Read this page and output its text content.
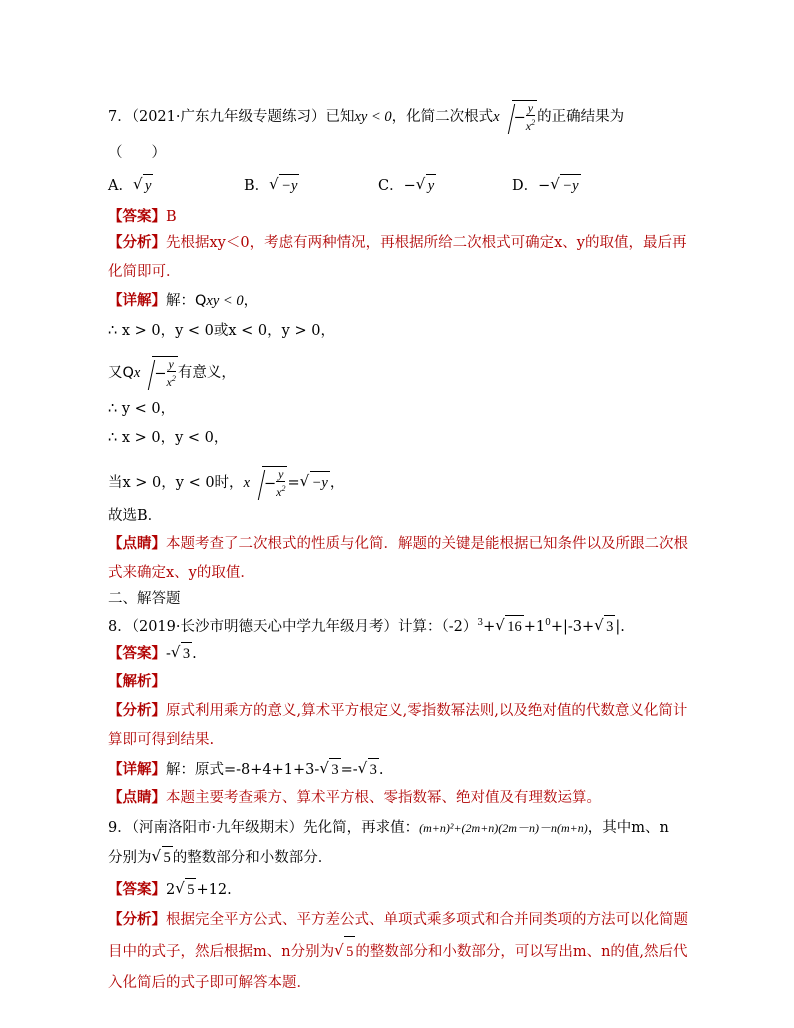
7．（2021·广东九年级专题练习）已知xy < 0，化简二次根式$x - \frac{y}{x^2}$ 的正确结果为
（　　）
A．√ y	B．√ −y	C．−√ y	D．−√ −y
【答案】B
【分析】先根据xy＜0，考虑有两种情况，再根据所给二次根式可确定x、y的取值，最后再化简即可．
【详解】解：Qxy < 0，
∴ x > 0，y < 0或x < 0，y > 0，
又$Qx - \frac{y}{x^2}$ 有意义，
∴ y < 0，
∴ x > 0，y < 0，
当x > 0，y < 0时，$x - \frac{y}{x^2}$ =√ −y ，
故选B．
【点睛】本题考查了二次根式的性质与化简．解题的关键是能根据已知条件以及所跟二次根式来确定x、y的取值．
二、解答题
8．（2019·长沙市明德天心中学九年级月考）计算：$(-2)^3+√$ $16 +1^0+|-3+√$ 3 |.
【答案】-√ 3 .
【解析】
【分析】原式利用乘方的意义,算术平方根定义,零指数幂法则,以及绝对值的代数意义化简计算即可得到结果.
【详解】解：原式=-8+4+1+3-√ 3 =-√ 3 .
【点睛】本题主要考查乘方、算术平方根、零指数幂、绝对值及有理数运算。
9．（河南洛阳市·九年级期末）先化简，再求值：(m+n)²+(2m+n)(2m－n)－n(m+n)，其中m、n
分别为√ 5 的整数部分和小数部分．
【答案】2√ 5 +12.
【分析】根据完全平方公式、平方差公式、单项式乘多项式和合并同类项的方法可以化简题目中的式子，然后根据m、n分别为√ 5 的整数部分和小数部分，可以写出m、n的值,然后代入化简后的式子即可解答本题．
